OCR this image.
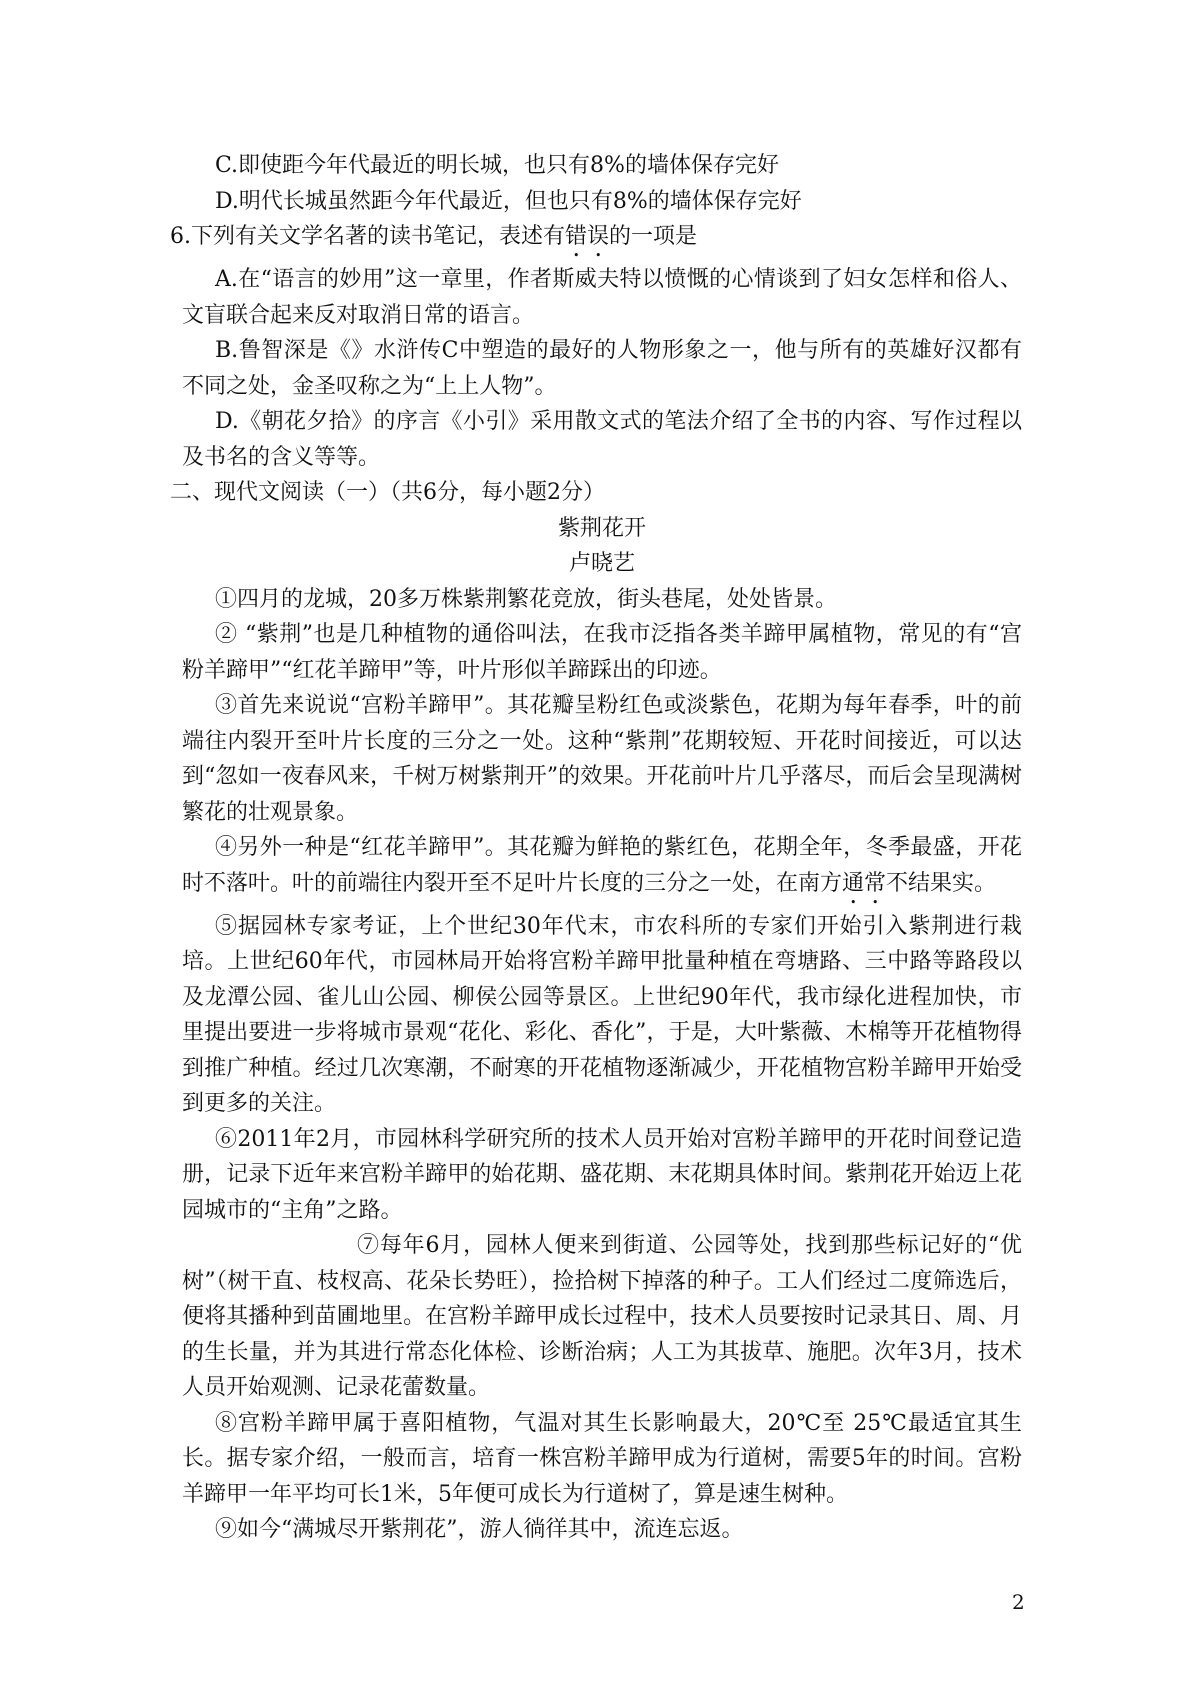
C.即使距今年代最近的明长城，也只有8%的墙体保存完好

D.明代长城虽然距今年代最近，但也只有8%的墙体保存完好

6.下列有关文学名著的读书笔记，表述有错误的一项是

A.在“语言的妙用”这一章里，作者斯威夫特以愤慨的心情谈到了妇女怎样和俗人、文盲联合起来反对取消日常的语言。

B.鲁智深是《》水浒传C中塑造的最好的人物形象之一，他与所有的英雄好汉都有不同之处，金圣叹称之为“上上人物”。

D.《朝花夕拾》的序言《小引》采用散文式的笔法介绍了全书的内容、写作过程以及书名的含义等等。

二、现代文阅读（一）（共6分，每小题2分）

紫荆花开

卢晓艺

①四月的龙城，20多万株紫荆繁花竞放，街头巷尾，处处皆景。

② “紫荆”也是几种植物的通俗叫法，在我市泛指各类羊蹄甲属植物，常见的有“宫粉羊蹄甲”“红花羊蹄甲”等，叶片形似羊蹄踩出的印迹。

③首先来说说“宫粉羊蹄甲”。其花瓣呈粉红色或淡紫色，花期为每年春季，叶的前端往内裂开至叶片长度的三分之一处。这种“紫荆”花期较短、开花时间接近，可以达到“忽如一夜春风来，千树万树紫荆开”的效果。开花前叶片几乎落尽，而后会呈现满树繁花的壮观景象。

④另外一种是“红花羊蹄甲”。其花瓣为鲜艳的紫红色，花期全年，冬季最盛，开花时不落叶。叶的前端往内裂开至不足叶片长度的三分之一处，在南方通常不结果实。

⑤据园林专家考证，上个世纪30年代末，市农科所的专家们开始引入紫荆进行栽培。上世纪60年代，市园林局开始将宫粉羊蹄甲批量种植在弯塘路、三中路等路段以及龙潭公园、雀儿山公园、柳侯公园等景区。上世纪90年代，我市绿化进程加快，市里提出要进一步将城市景观“花化、彩化、香化”，于是，大叶紫薇、木棉等开花植物得到推广种植。经过几次寒潮，不耐寒的开花植物逐渐减少，开花植物宫粉羊蹄甲开始受到更多的关注。

⑥2011年2月，市园林科学研究所的技术人员开始对宫粉羊蹄甲的开花时间登记造册，记录下近年来宫粉羊蹄甲的始花期、盛花期、末花期具体时间。紫荆花开始迈上花园城市的“主角”之路。

⑦每年6月，园林人便来到街道、公园等处，找到那些标记好的“优树”（树干直、枝杈高、花朵长势旺），捡拾树下掉落的种子。工人们经过二度筛选后，便将其播种到苗圃地里。在宫粉羊蹄甲成长过程中，技术人员要按时记录其日、周、月的生长量，并为其进行常态化体检、诊断治病；人工为其拔草、施肥。次年3月，技术人员开始观测、记录花蕾数量。

⑧宫粉羊蹄甲属于喜阳植物，气温对其生长影响最大，20℃至 25℃最适宜其生长。据专家介绍，一般而言，培育一株宫粉羊蹄甲成为行道树，需要5年的时间。宫粉羊蹄甲一年平均可长1米，5年便可成长为行道树了，算是速生树种。

⑨如今“满城尽开紫荆花”，游人徜徉其中，流连忘返。

2
